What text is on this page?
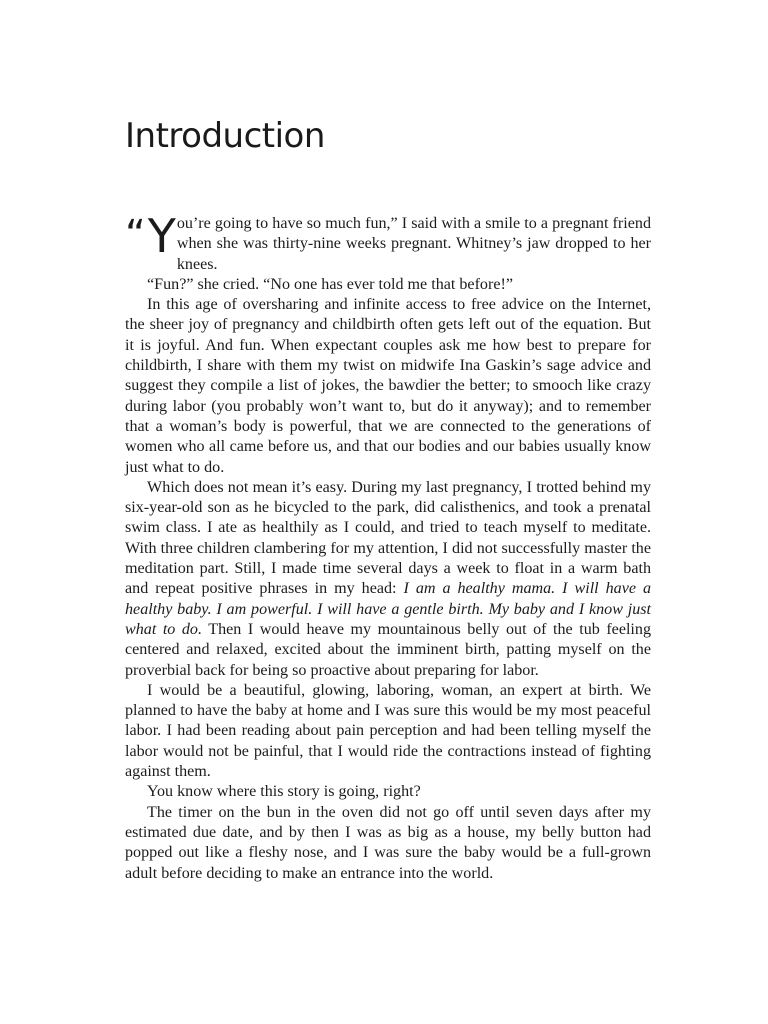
Introduction

“Y ou’re going to have so much fun,” I said with a smile to a pregnant friend when she was thirty-nine weeks pregnant. Whitney’s jaw dropped to her knees.

“Fun?” she cried. “No one has ever told me that before!”

In this age of oversharing and infinite access to free advice on the Internet, the sheer joy of pregnancy and childbirth often gets left out of the equation. But it is joyful. And fun. When expectant couples ask me how best to prepare for childbirth, I share with them my twist on midwife Ina Gaskin’s sage advice and suggest they compile a list of jokes, the bawdier the better; to smooch like crazy during labor (you probably won’t want to, but do it anyway); and to remember that a woman’s body is powerful, that we are connected to the generations of women who all came before us, and that our bodies and our babies usually know just what to do.

Which does not mean it’s easy. During my last pregnancy, I trotted behind my six-year-old son as he bicycled to the park, did calisthenics, and took a prenatal swim class. I ate as healthily as I could, and tried to teach myself to meditate. With three children clambering for my attention, I did not successfully master the meditation part. Still, I made time several days a week to float in a warm bath and repeat positive phrases in my head: I am a healthy mama. I will have a healthy baby. I am powerful. I will have a gentle birth. My baby and I know just what to do. Then I would heave my mountainous belly out of the tub feeling centered and relaxed, excited about the imminent birth, patting myself on the proverbial back for being so proactive about preparing for labor.

I would be a beautiful, glowing, laboring, woman, an expert at birth. We planned to have the baby at home and I was sure this would be my most peaceful labor. I had been reading about pain perception and had been telling myself the labor would not be painful, that I would ride the contractions instead of fighting against them.

You know where this story is going, right?

The timer on the bun in the oven did not go off until seven days after my estimated due date, and by then I was as big as a house, my belly button had popped out like a fleshy nose, and I was sure the baby would be a full-grown adult before deciding to make an entrance into the world.
